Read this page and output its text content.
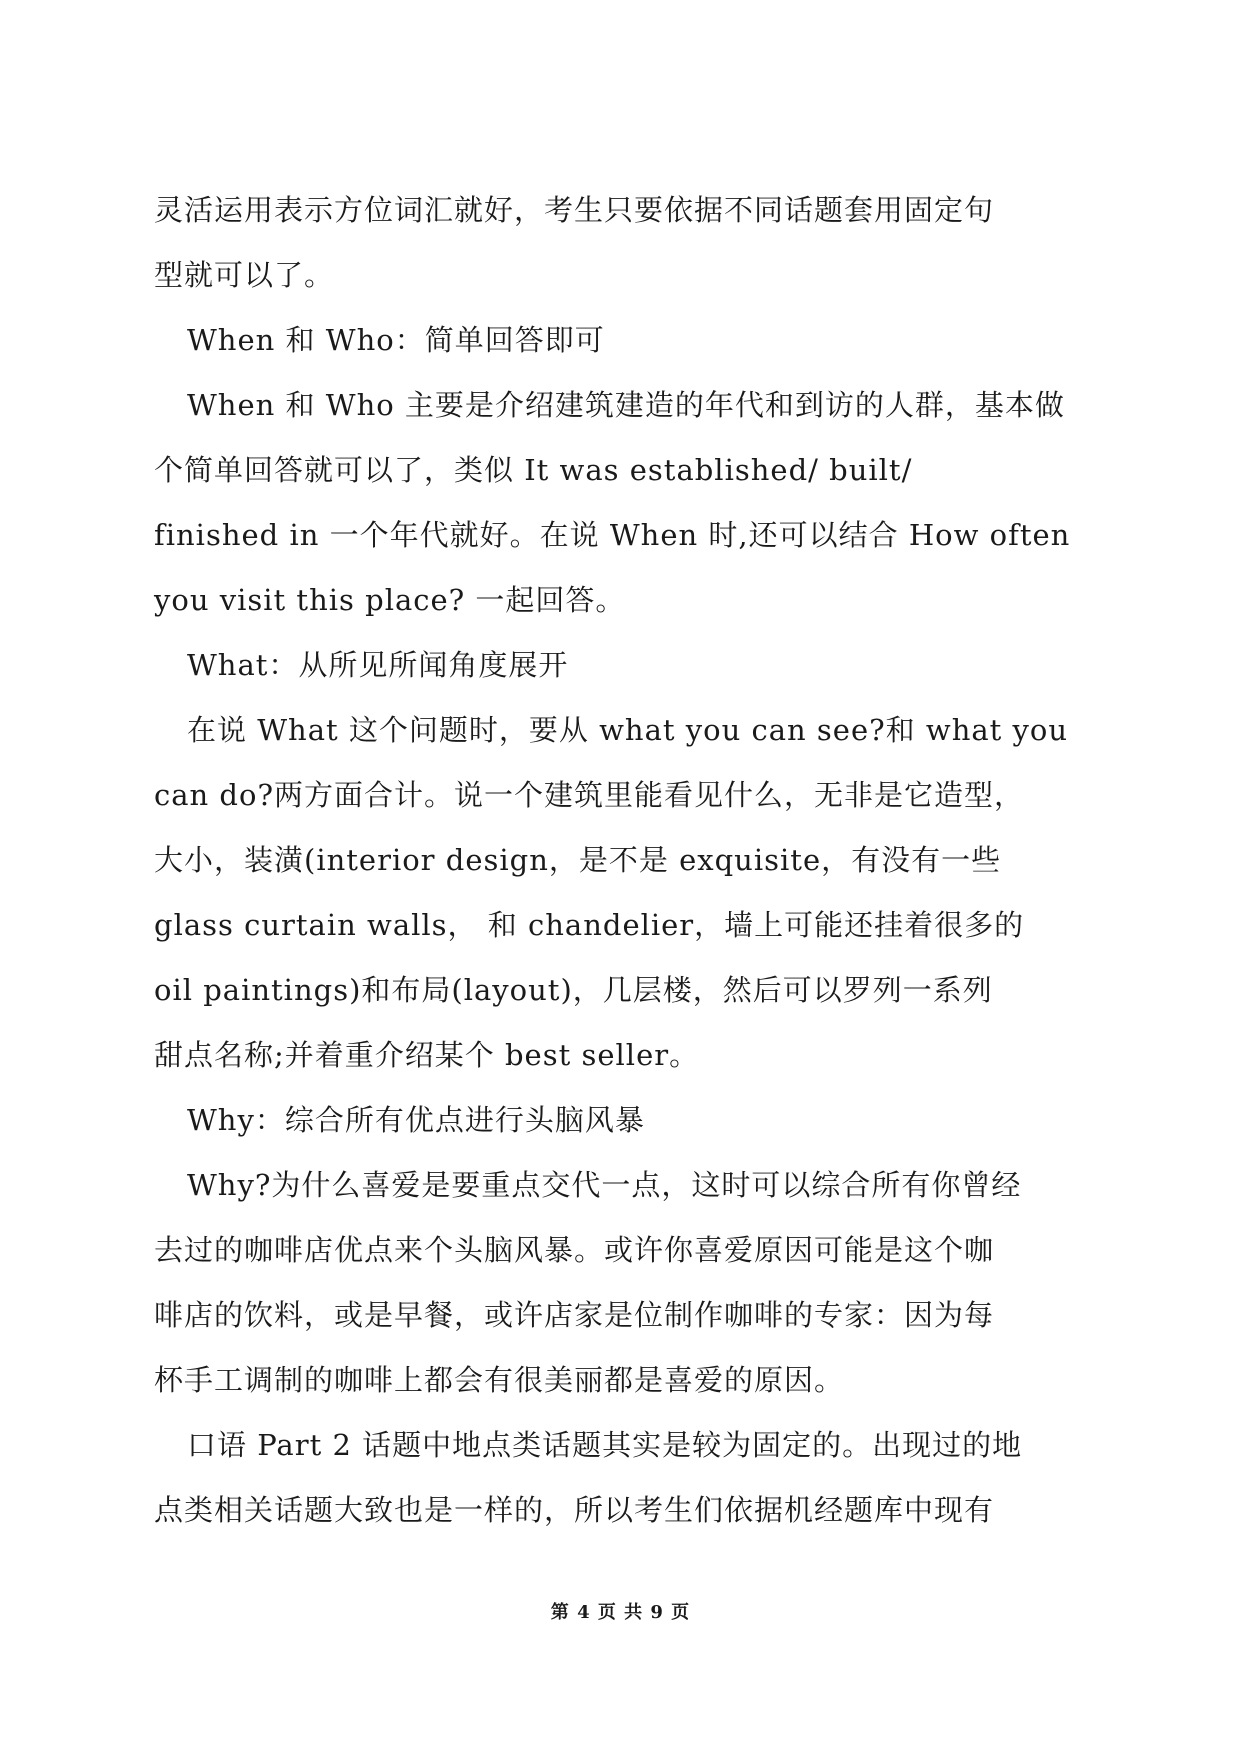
灵活运用表示方位词汇就好，考生只要依据不同话题套用固定句
型就可以了。
When 和 Who：简单回答即可
When 和 Who 主要是介绍建筑建造的年代和到访的人群，基本做
个简单回答就可以了，类似 It was established/ built/
finished in 一个年代就好。在说 When 时,还可以结合 How often
you visit this place? 一起回答。
What：从所见所闻角度展开
在说 What 这个问题时，要从 what you can see?和 what you
can do?两方面合计。说一个建筑里能看见什么，无非是它造型，
大小，装潢(interior design，是不是 exquisite，有没有一些
glass curtain walls， 和 chandelier，墙上可能还挂着很多的
oil paintings)和布局(layout)，几层楼，然后可以罗列一系列
甜点名称;并着重介绍某个 best seller。
Why：综合所有优点进行头脑风暴
Why?为什么喜爱是要重点交代一点，这时可以综合所有你曾经
去过的咖啡店优点来个头脑风暴。或许你喜爱原因可能是这个咖
啡店的饮料，或是早餐，或许店家是位制作咖啡的专家：因为每
杯手工调制的咖啡上都会有很美丽都是喜爱的原因。
口语 Part 2 话题中地点类话题其实是较为固定的。出现过的地
点类相关话题大致也是一样的，所以考生们依据机经题库中现有
第 4 页 共 9 页
